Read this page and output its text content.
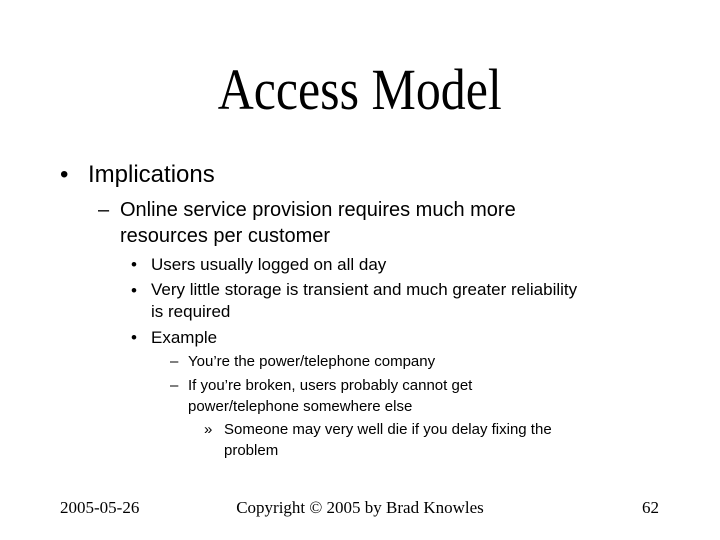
Access Model
• Implications
– Online service provision requires much more
resources per customer
• Users usually logged on all day
• Very little storage is transient and much greater reliability
is required
• Example
– You’re the power/telephone company
– If you’re broken, users probably cannot get
power/telephone somewhere else
» Someone may very well die if you delay fixing the
problem
2005-05-26	Copyright © 2005 by Brad Knowles	62
